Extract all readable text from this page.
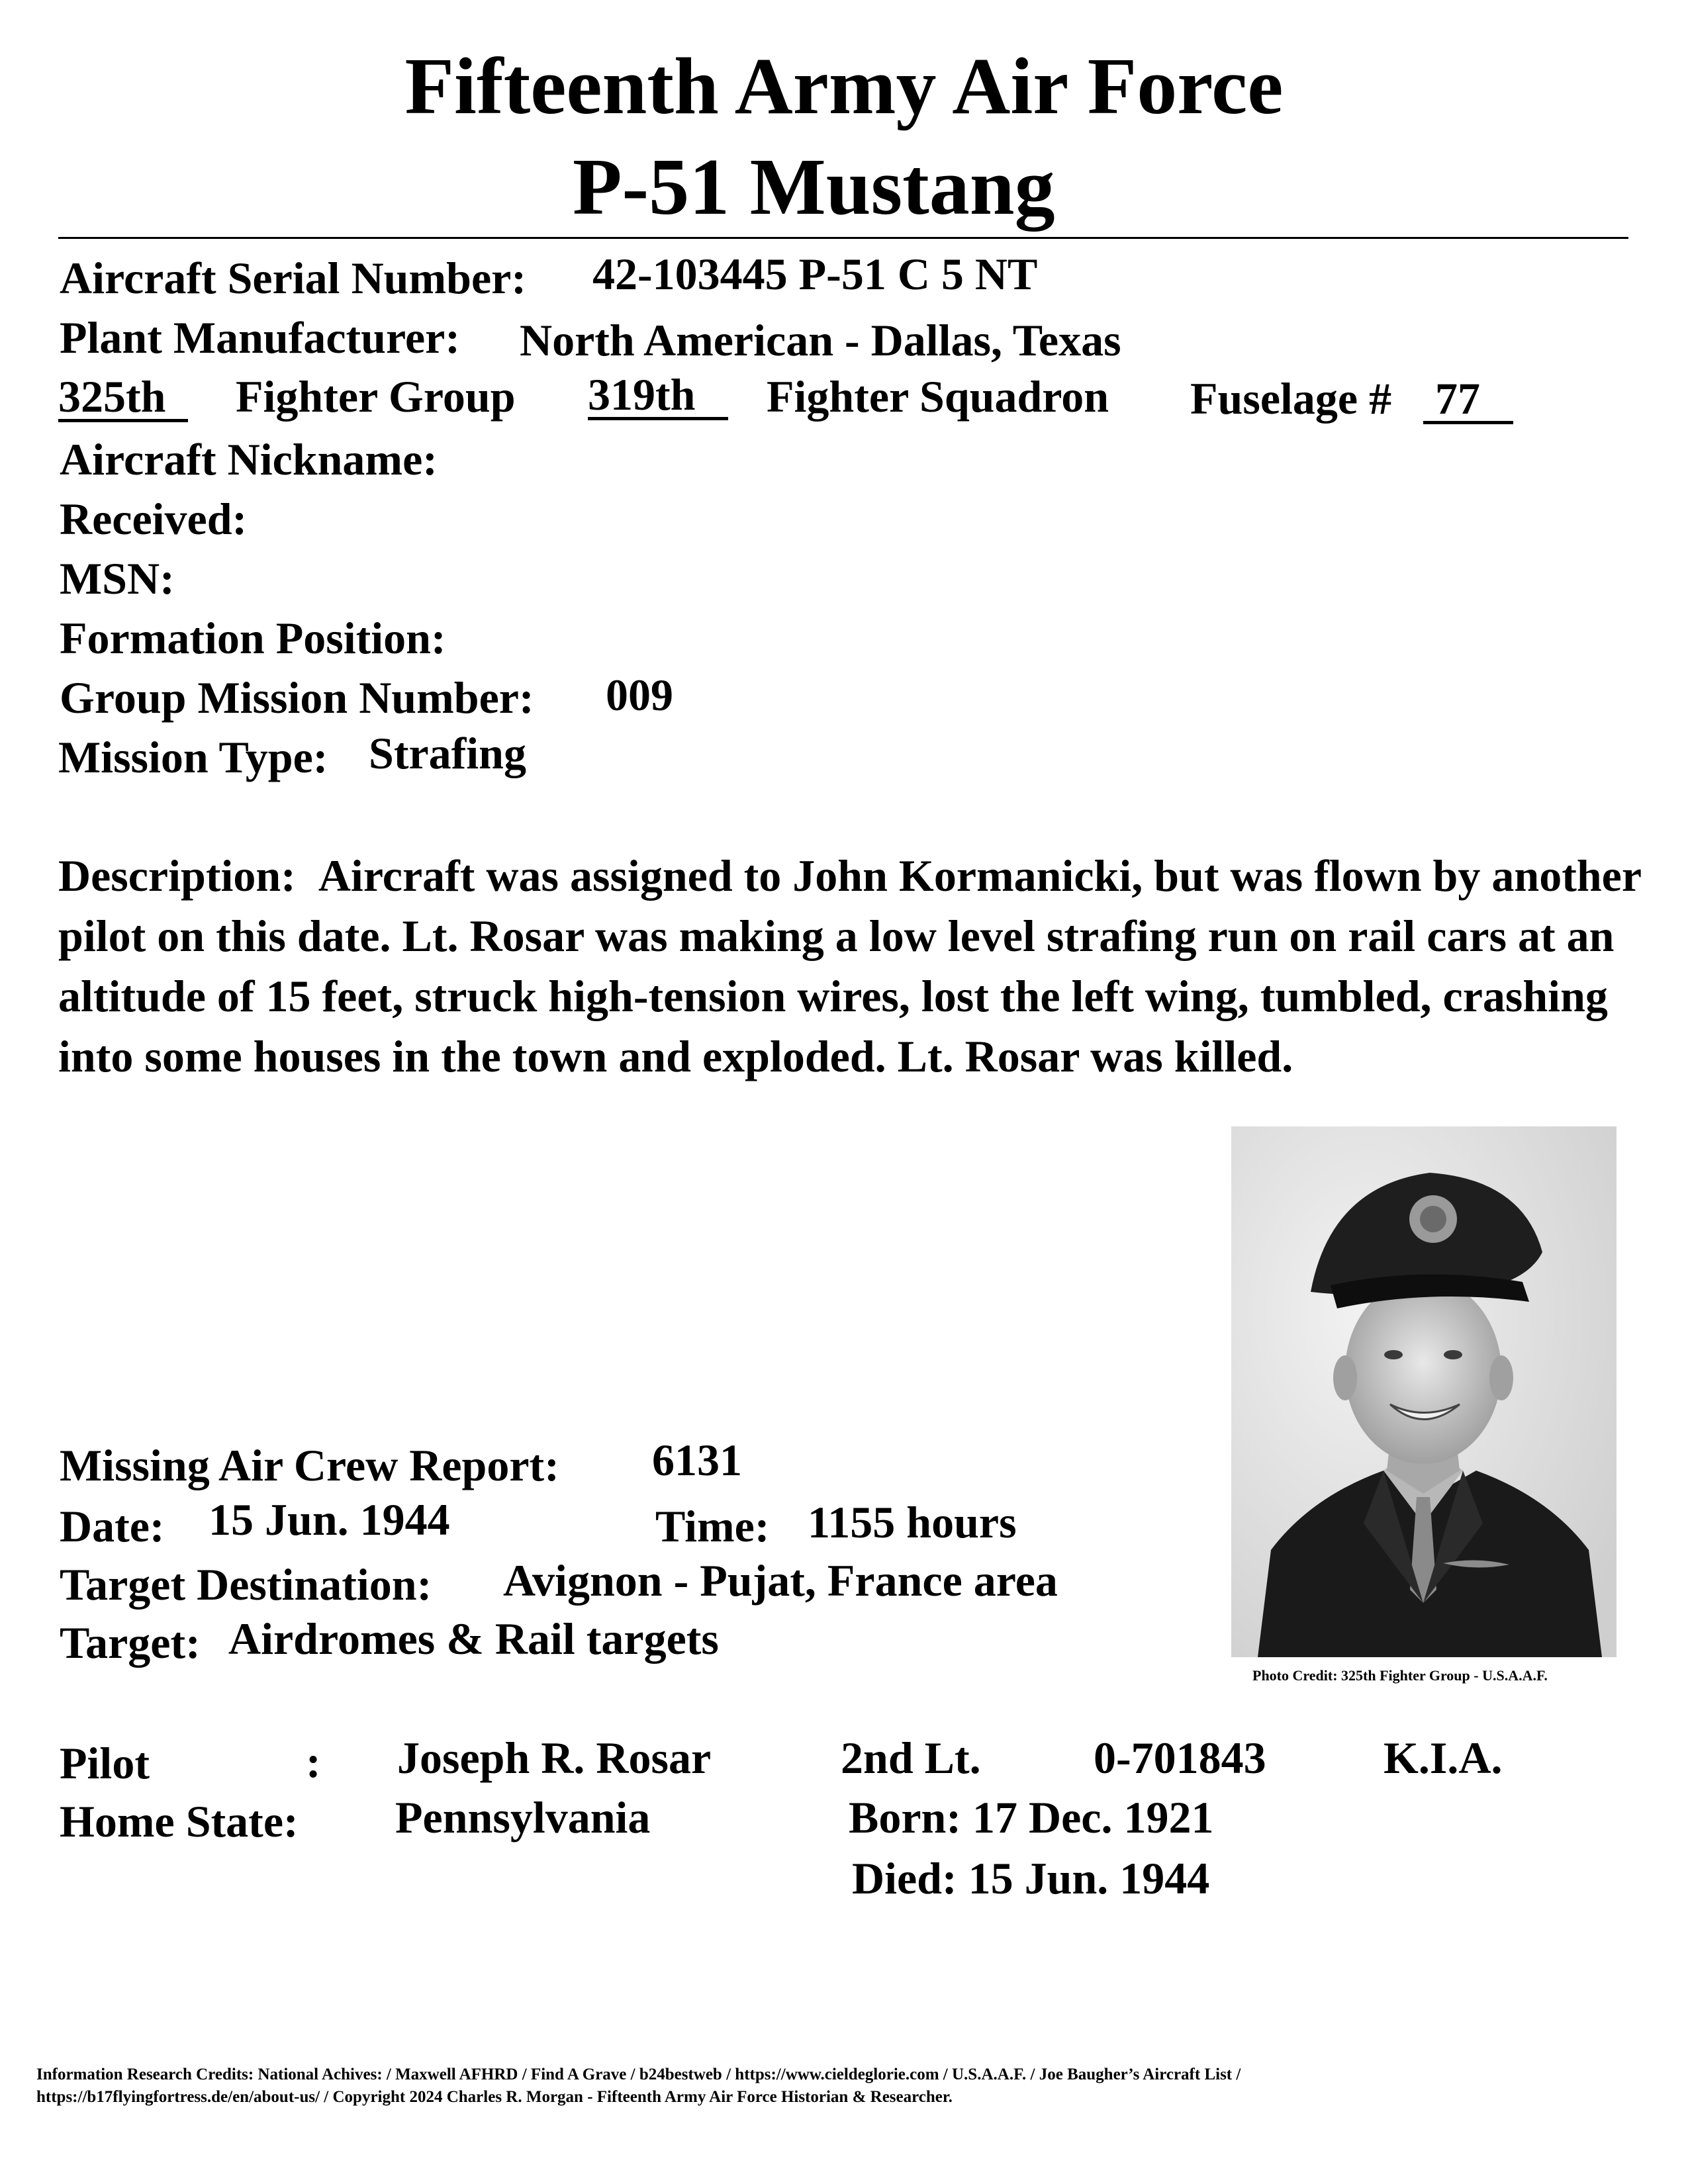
Fifteenth Army Air Force
P-51 Mustang
Aircraft Serial Number: 42-103445 P-51 C 5 NT
Plant Manufacturer: North American - Dallas, Texas
325th	Fighter Group 319th	Fighter Squadron Fuselage # 77
Aircraft Nickname:
Received:
MSN:
Formation Position:
Group Mission Number: 009
Mission Type: Strafing
Description: Aircraft was assigned to John Kormanicki, but was flown by another pilot on this date. Lt. Rosar was making a low level strafing run on rail cars at an altitude of 15 feet, struck high-tension wires, lost the left wing, tumbled, crashing into some houses in the town and exploded. Lt. Rosar was killed.
Photo Credit: 325th Fighter Group - U.S.A.A.F.
Missing Air Crew Report: 6131
Date: 15 Jun. 1944	Time: 1155 hours
Target Destination: Avignon - Pujat, France area
Target: Airdromes & Rail targets
Pilot	: Joseph R. Rosar	2nd Lt.	0-701843	K.I.A.
Home State: Pennsylvania	Born: 17 Dec. 1921
Died: 15 Jun. 1944
Information Research Credits: National Achives: / Maxwell AFHRD / Find A Grave / b24bestweb / https://www.cieldeglorie.com / U.S.A.A.F. / Joe Baugher’s Aircraft List /
https://b17flyingfortress.de/en/about-us/ / Copyright 2024 Charles R. Morgan - Fifteenth Army Air Force Historian & Researcher.
